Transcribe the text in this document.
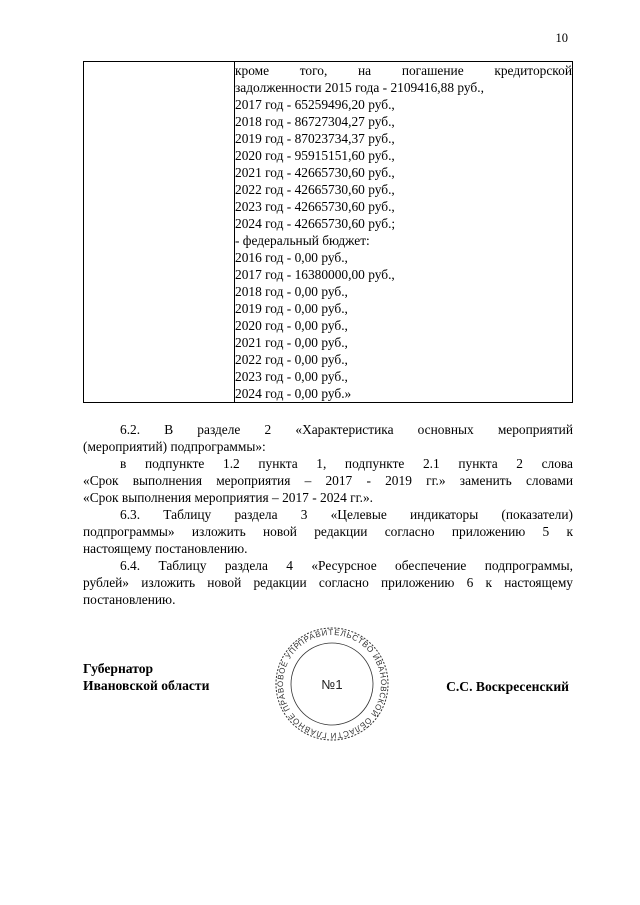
10

кроме того, на погашение кредиторской
задолженности 2015 года - 2109416,88 руб.,
2017 год - 65259496,20 руб.,
2018 год - 86727304,27 руб.,
2019 год - 87023734,37 руб.,
2020 год - 95915151,60 руб.,
2021 год - 42665730,60 руб.,
2022 год - 42665730,60 руб.,
2023 год - 42665730,60 руб.,
2024 год - 42665730,60 руб.;
- федеральный бюджет:
2016 год - 0,00 руб.,
2017 год - 16380000,00 руб.,
2018 год - 0,00 руб.,
2019 год - 0,00 руб.,
2020 год - 0,00 руб.,
2021 год - 0,00 руб.,
2022 год - 0,00 руб.,
2023 год - 0,00 руб.,
2024 год - 0,00 руб.»
6.2. В разделе 2 «Характеристика основных мероприятий
(мероприятий) подпрограммы»:
в подпункте 1.2 пункта 1, подпункте 2.1 пункта 2 слова
«Срок выполнения мероприятия – 2017 - 2019 гг.» заменить словами
«Срок выполнения мероприятия – 2017 - 2024 гг.».
6.3. Таблицу раздела 3 «Целевые индикаторы (показатели)
подпрограммы» изложить новой редакции согласно приложению 5 к
настоящему постановлению.
6.4. Таблицу раздела 4 «Ресурсное обеспечение подпрограммы,
рублей» изложить новой редакции согласно приложению 6 к настоящему
постановлению.
ПРАВИТЕЛЬСТВО ИВАНОВСКОЙ ОБЛАСТИ ГЛАВНОЕ ПРАВОВОЕ УПРАВЛЕНИЕ
№1
Губернатор
Ивановской области	С.С. Воскресенский
